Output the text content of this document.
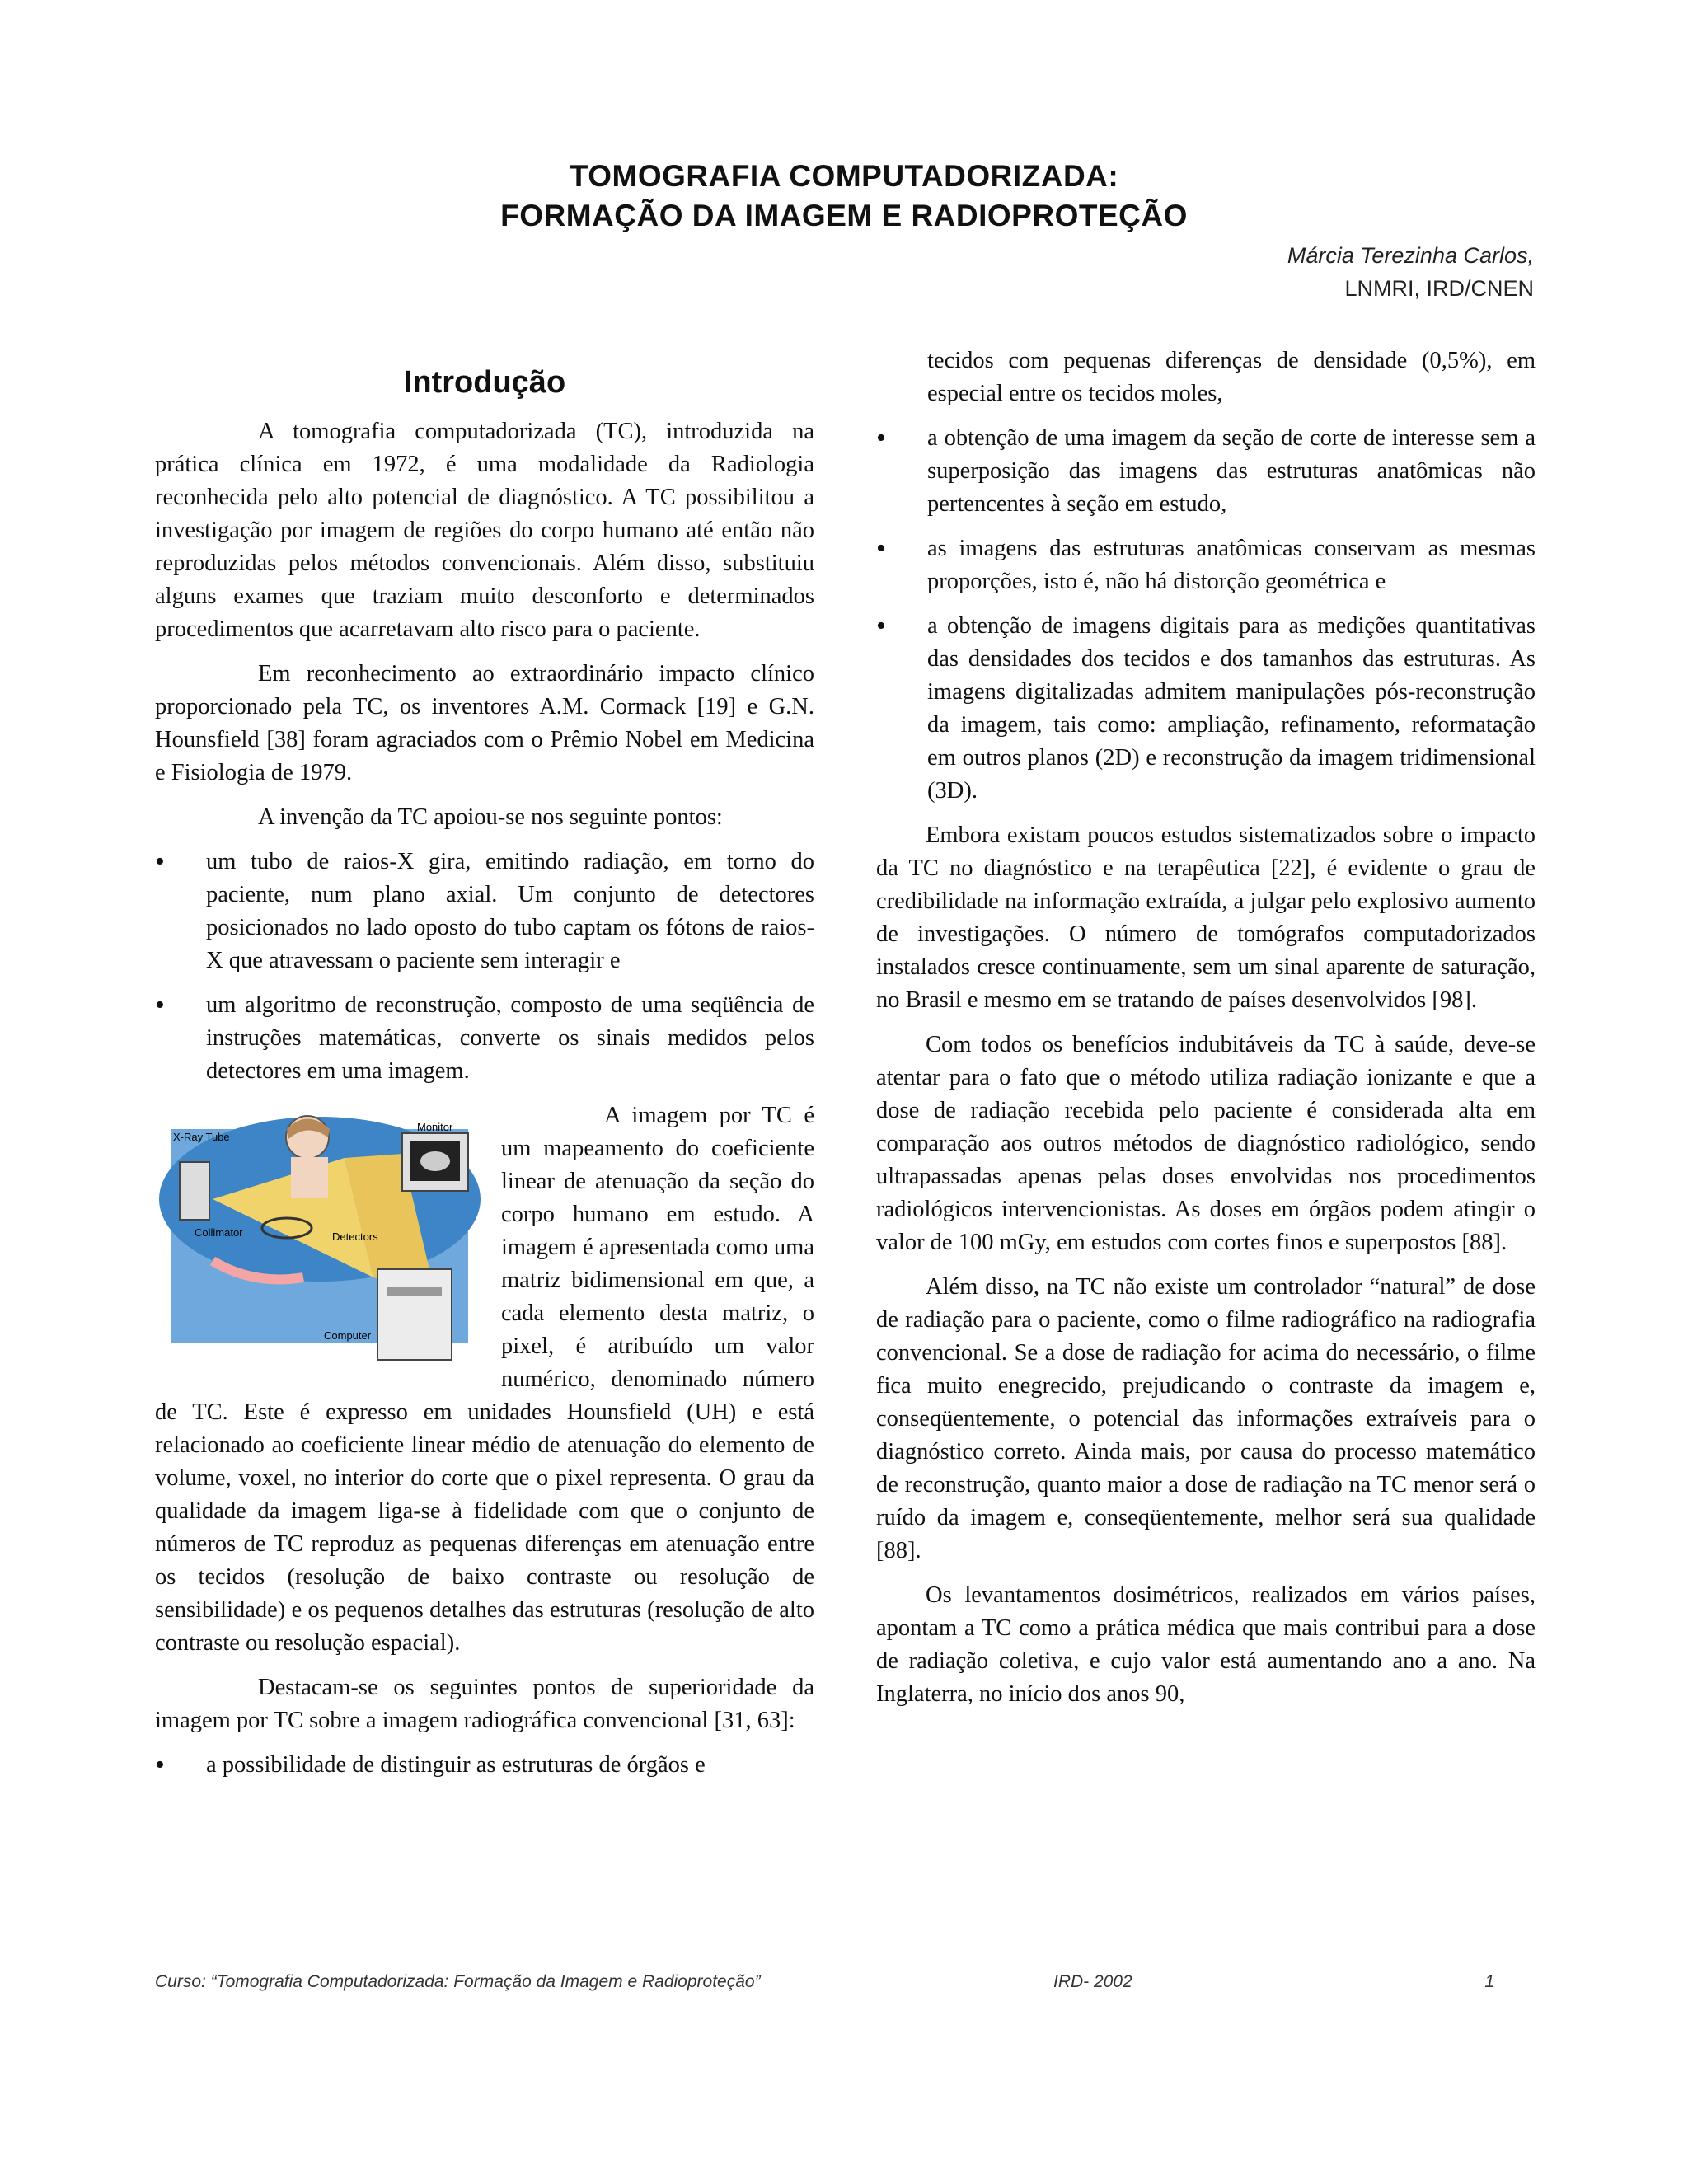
TOMOGRAFIA COMPUTADORIZADA:
FORMAÇÃO DA IMAGEM E RADIOPROTEÇÃO
Márcia Terezinha Carlos,
LNMRI, IRD/CNEN
Introdução

A tomografia computadorizada (TC), introduzida na prática clínica em 1972, é uma modalidade da Radiologia reconhecida pelo alto potencial de diagnóstico. A TC possibilitou a investigação por imagem de regiões do corpo humano até então não reproduzidas pelos métodos convencionais. Além disso, substituiu alguns exames que traziam muito desconforto e determinados procedimentos que acarretavam alto risco para o paciente.

Em reconhecimento ao extraordinário impacto clínico proporcionado pela TC, os inventores A.M. Cormack [19] e G.N. Hounsfield [38] foram agraciados com o Prêmio Nobel em Medicina e Fisiologia de 1979.

A invenção da TC apoiou-se nos seguinte pontos:

• um tubo de raios-X gira, emitindo radiação, em torno do paciente, num plano axial. Um conjunto de detectores posicionados no lado oposto do tubo captam os fótons de raios-X que atravessam o paciente sem interagir e
• um algoritmo de reconstrução, composto de uma seqüência de instruções matemáticas, converte os sinais medidos pelos detectores em uma imagem.
X-Ray Tube
Collimator	Detectors
Monitor
Computer

A imagem por TC é um mapeamento do coeficiente linear de atenuação da seção do corpo humano em estudo. A imagem é apresentada como uma matriz bidimensional em que, a cada elemento desta matriz, o pixel, é atribuído um valor numérico, denominado número de TC. Este é expresso em unidades Hounsfield (UH) e está relacionado ao coeficiente linear médio de atenuação do elemento de volume, voxel, no interior do corte que o pixel representa. O grau da qualidade da imagem liga-se à fidelidade com que o conjunto de números de TC reproduz as pequenas diferenças em atenuação entre os tecidos (resolução de baixo contraste ou resolução de sensibilidade) e os pequenos detalhes das estruturas (resolução de alto contraste ou resolução espacial).

Destacam-se os seguintes pontos de superioridade da imagem por TC sobre a imagem radiográfica convencional [31, 63]:

• a possibilidade de distinguir as estruturas de órgãos e

tecidos com pequenas diferenças de densidade (0,5%), em especial entre os tecidos moles,

• a obtenção de uma imagem da seção de corte de interesse sem a superposição das imagens das estruturas anatômicas não pertencentes à seção em estudo,
• as imagens das estruturas anatômicas conservam as mesmas proporções, isto é, não há distorção geométrica e
• a obtenção de imagens digitais para as medições quantitativas das densidades dos tecidos e dos tamanhos das estruturas. As imagens digitalizadas admitem manipulações pós-reconstrução da imagem, tais como: ampliação, refinamento, reformatação em outros planos (2D) e reconstrução da imagem tridimensional (3D).

Embora existam poucos estudos sistematizados sobre o impacto da TC no diagnóstico e na terapêutica [22], é evidente o grau de credibilidade na informação extraída, a julgar pelo explosivo aumento de investigações. O número de tomógrafos computadorizados instalados cresce continuamente, sem um sinal aparente de saturação, no Brasil e mesmo em se tratando de países desenvolvidos [98].

Com todos os benefícios indubitáveis da TC à saúde, deve-se atentar para o fato que o método utiliza radiação ionizante e que a dose de radiação recebida pelo paciente é considerada alta em comparação aos outros métodos de diagnóstico radiológico, sendo ultrapassadas apenas pelas doses envolvidas nos procedimentos radiológicos intervencionistas. As doses em órgãos podem atingir o valor de 100 mGy, em estudos com cortes finos e superpostos [88].

Além disso, na TC não existe um controlador “natural” de dose de radiação para o paciente, como o filme radiográfico na radiografia convencional. Se a dose de radiação for acima do necessário, o filme fica muito enegrecido, prejudicando o contraste da imagem e, conseqüentemente, o potencial das informações extraíveis para o diagnóstico correto. Ainda mais, por causa do processo matemático de reconstrução, quanto maior a dose de radiação na TC menor será o ruído da imagem e, conseqüentemente, melhor será sua qualidade [88].

Os levantamentos dosimétricos, realizados em vários países, apontam a TC como a prática médica que mais contribui para a dose de radiação coletiva, e cujo valor está aumentando ano a ano. Na Inglaterra, no início dos anos 90,

Curso: “Tomografia Computadorizada: Formação da Imagem e Radioproteção”	IRD- 2002	1
